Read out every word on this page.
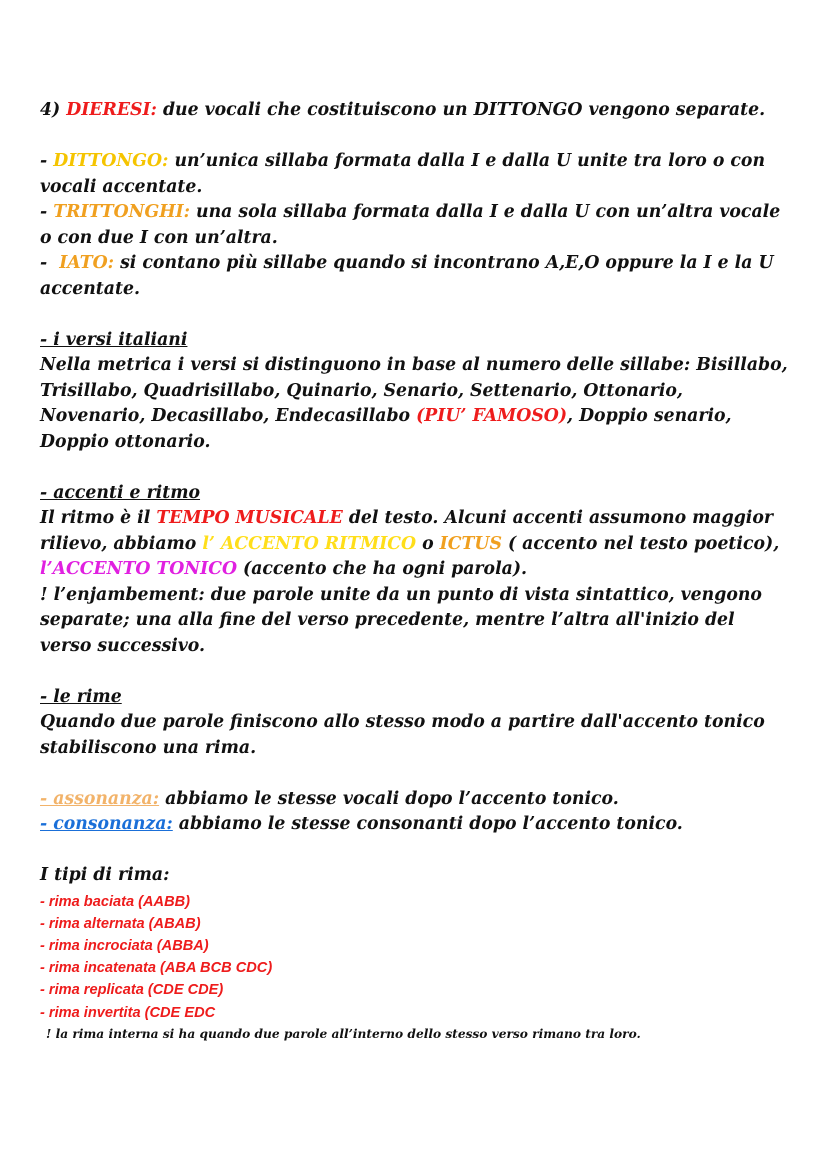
4) DIERESI: due vocali che costituiscono un DITTONGO vengono separate.

- DITTONGO: un’unica sillaba formata dalla I e dalla U unite tra loro o con vocali accentate.

- TRITTONGHI: una sola sillaba formata dalla I e dalla U con un’altra vocale o con due I con un’altra.

-  IATO: si contano più sillabe quando si incontrano A,E,O oppure la I e la U accentate.

- i versi italiani
Nella metrica i versi si distinguono in base al numero delle sillabe: Bisillabo, Trisillabo, Quadrisillabo, Quinario, Senario, Settenario, Ottonario, Novenario, Decasillabo, Endecasillabo (PIU’ FAMOSO), Doppio senario, Doppio ottonario.

- accenti e ritmo
Il ritmo è il TEMPO MUSICALE del testo. Alcuni accenti assumono maggior rilievo, abbiamo l’ ACCENTO RITMICO o ICTUS ( accento nel testo poetico), l’ACCENTO TONICO (accento che ha ogni parola).
! l’enjambement: due parole unite da un punto di vista sintattico, vengono separate; una alla fine del verso precedente, mentre l’altra all'inizio del verso successivo.

- le rime
Quando due parole finiscono allo stesso modo a partire dall'accento tonico stabiliscono una rima.

- assonanza: abbiamo le stesse vocali dopo l’accento tonico.

- consonanza: abbiamo le stesse consonanti dopo l’accento tonico.

I tipi di rima:

- rima baciata (AABB)
- rima alternata (ABAB)
- rima incrociata (ABBA)
- rima incatenata (ABA BCB CDC)
- rima replicata (CDE CDE)
- rima invertita (CDE EDC
! la rima interna si ha quando due parole all’interno dello stesso verso rimano tra loro.
